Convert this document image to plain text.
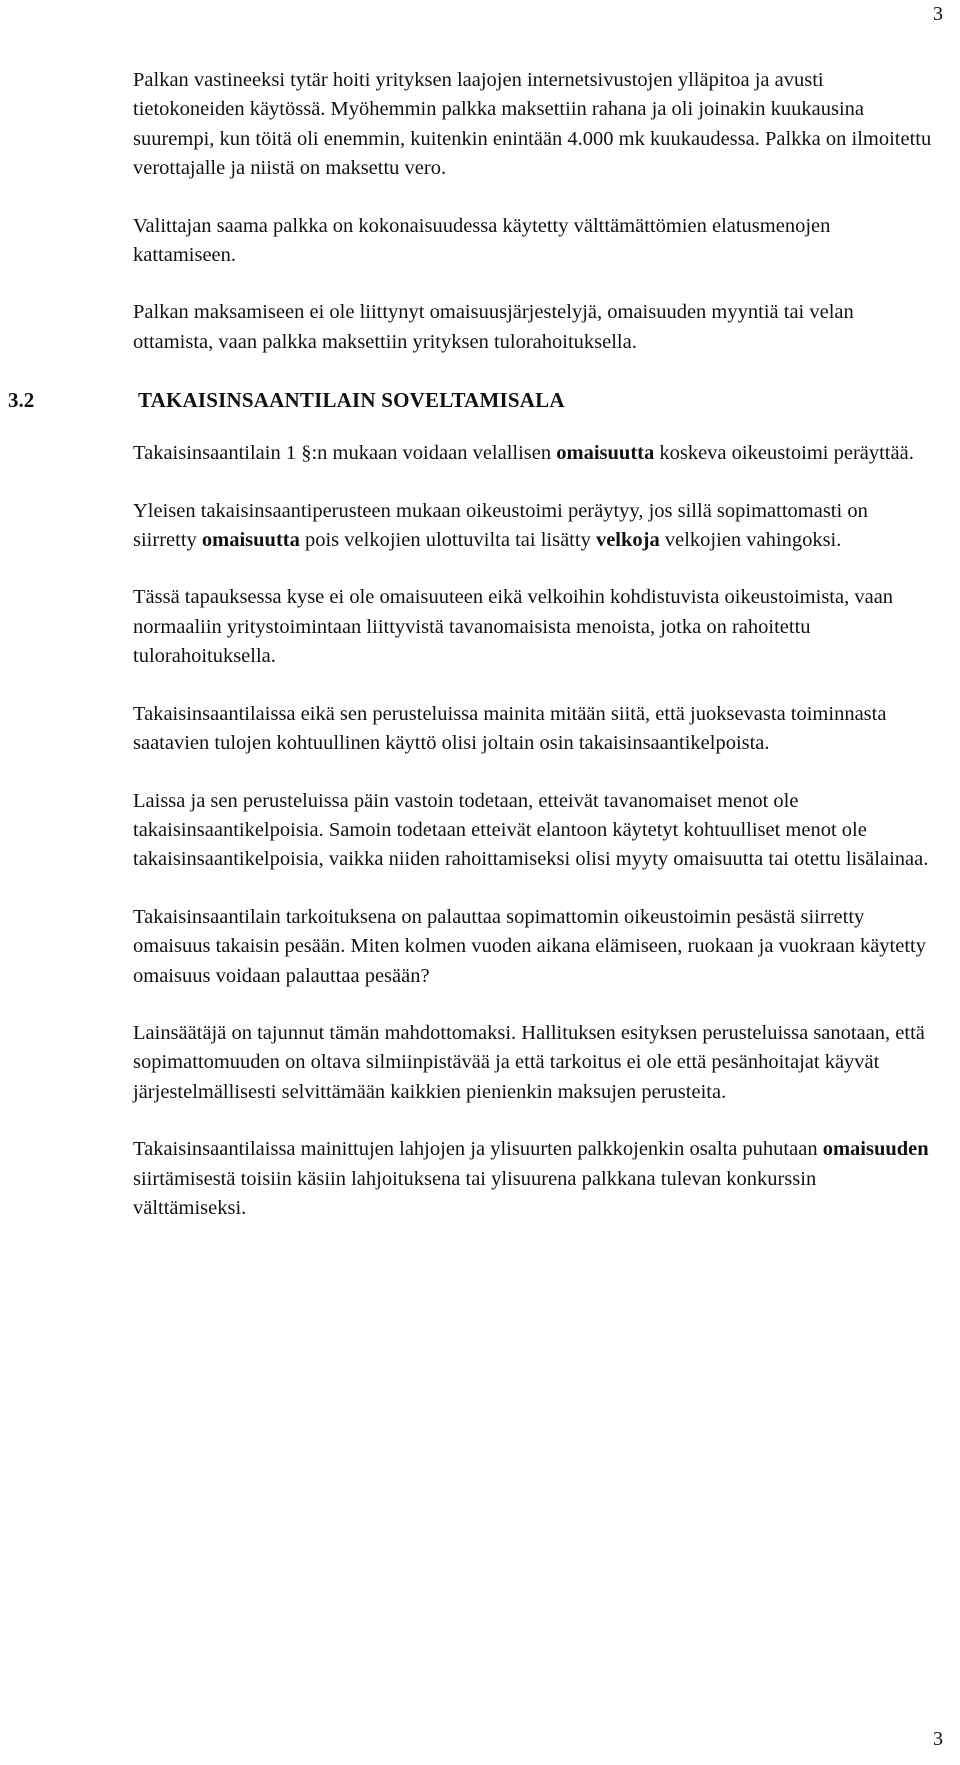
3

Palkan vastineeksi tytär hoiti yrityksen laajojen internetsivustojen ylläpitoa ja avusti tietokoneiden käytössä. Myöhemmin palkka maksettiin rahana ja oli joinakin kuukausina suurempi, kun töitä oli enemmin, kuitenkin enintään 4.000 mk kuukaudessa. Palkka on ilmoitettu verottajalle ja niistä on maksettu vero.

Valittajan saama palkka on kokonaisuudessa käytetty välttämättömien elatusmenojen kattamiseen.

Palkan maksamiseen ei ole liittynyt omaisuusjärjestelyjä, omaisuuden myyntiä tai velan ottamista, vaan palkka maksettiin yrityksen tulorahoituksella.

3.2	TAKAISINSAANTILAIN SOVELTAMISALA

Takaisinsaantilain 1 §:n mukaan voidaan velallisen omaisuutta koskeva oikeustoimi peräyttää.

Yleisen takaisinsaantiperusteen mukaan oikeustoimi peräytyy, jos sillä sopimattomasti on siirretty omaisuutta pois velkojien ulottuvilta tai lisätty velkoja velkojien vahingoksi.

Tässä tapauksessa kyse ei ole omaisuuteen eikä velkoihin kohdistuvista oikeustoimista, vaan normaaliin yritystoimintaan liittyvistä tavanomaisista menoista, jotka on rahoitettu tulorahoituksella.

Takaisinsaantilaissa eikä sen perusteluissa mainita mitään siitä, että juoksevasta toiminnasta saatavien tulojen kohtuullinen käyttö olisi joltain osin takaisinsaantikelpoista.

Laissa ja sen perusteluissa päin vastoin todetaan, etteivät tavanomaiset menot ole takaisinsaantikelpoisia. Samoin todetaan etteivät elantoon käytetyt kohtuulliset menot ole takaisinsaantikelpoisia, vaikka niiden rahoittamiseksi olisi myyty omaisuutta tai otettu lisälainaa.

Takaisinsaantilain tarkoituksena on palauttaa sopimattomin oikeustoimin pesästä siirretty omaisuus takaisin pesään. Miten kolmen vuoden aikana elämiseen, ruokaan ja vuokraan käytetty omaisuus voidaan palauttaa pesään?

Lainsäätäjä on tajunnut tämän mahdottomaksi. Hallituksen esityksen perusteluissa sanotaan, että sopimattomuuden on oltava silmiinpistävää ja että tarkoitus ei ole että pesänhoitajat käyvät järjestelmällisesti selvittämään kaikkien pienienkin maksujen perusteita.

Takaisinsaantilaissa mainittujen lahjojen ja ylisuurten palkkojenkin osalta puhutaan omaisuuden siirtämisestä toisiin käsiin lahjoituksena tai ylisuurena palkkana tulevan konkurssin välttämiseksi.

3
